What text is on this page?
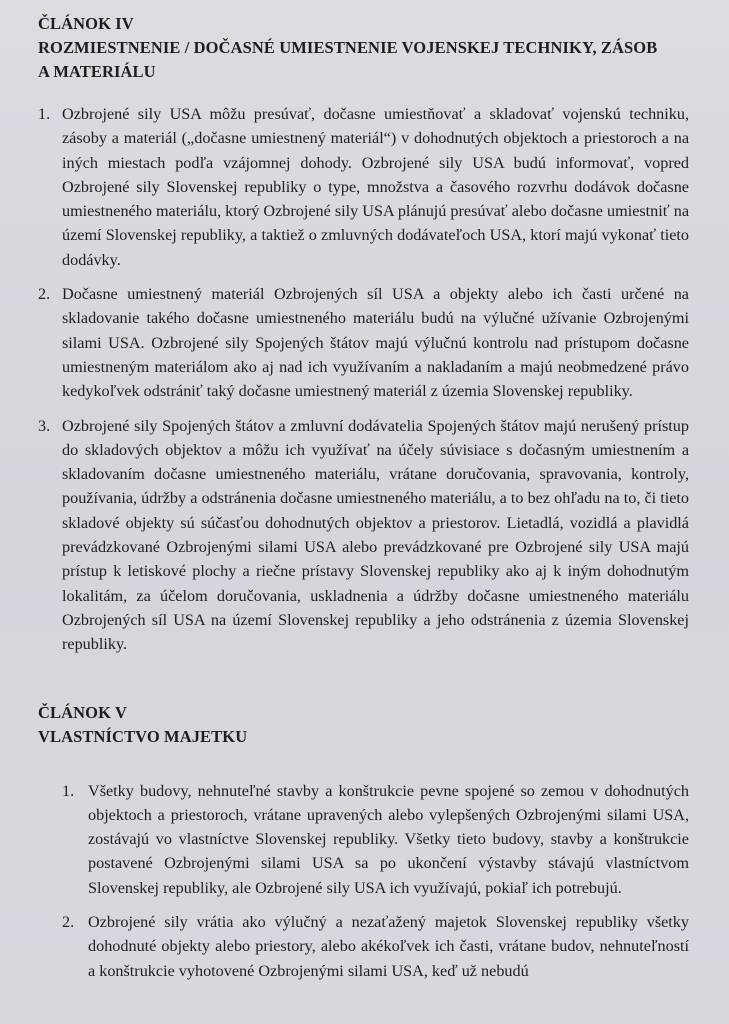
ČLÁNOK IV
ROZMIESTNENIE / DOČASNÉ UMIESTNENIE VOJENSKEJ TECHNIKY, ZÁSOB
A MATERIÁLU
1. Ozbrojené sily USA môžu presúvať, dočasne umiestňovať a skladovať vojenskú techniku, zásoby a materiál („dočasne umiestnený materiál“) v dohodnutých objektoch a priestoroch a na iných miestach podľa vzájomnej dohody. Ozbrojené sily USA budú informovať, vopred Ozbrojené sily Slovenskej republiky o type, množstva a časového rozvrhu dodávok dočasne umiestneného materiálu, ktorý Ozbrojené sily USA plánujú presúvať alebo dočasne umiestniť na území Slovenskej republiky, a taktiež o zmluvných dodávateľoch USA, ktorí majú vykonať tieto dodávky.
2. Dočasne umiestnený materiál Ozbrojených síl USA a objekty alebo ich časti určené na skladovanie takého dočasne umiestneného materiálu budú na výlučné užívanie Ozbrojenými silami USA. Ozbrojené sily Spojených štátov majú výlučnú kontrolu nad prístupom dočasne umiestneným materiálom ako aj nad ich využívaním a nakladaním a majú neobmedzené právo kedykoľvek odstrániť taký dočasne umiestnený materiál z územia Slovenskej republiky.
3. Ozbrojené sily Spojených štátov a zmluvní dodávatelia Spojených štátov majú nerušený prístup do skladových objektov a môžu ich využívať na účely súvisiace s dočasným umiestnením a skladovaním dočasne umiestneného materiálu, vrátane doručovania, spravovania, kontroly, používania, údržby a odstránenia dočasne umiestneného materiálu, a to bez ohľadu na to, či tieto skladové objekty sú súčasťou dohodnutých objektov a priestorov. Lietadlá, vozidlá a plavidlá prevádzkované Ozbrojenými silami USA alebo prevádzkované pre Ozbrojené sily USA majú prístup k letiskové plochy a riečne prístavy Slovenskej republiky ako aj k iným dohodnutým lokalitám, za účelom doručovania, uskladnenia a údržby dočasne umiestneného materiálu Ozbrojených síl USA na území Slovenskej republiky a jeho odstránenia z územia Slovenskej republiky.
ČLÁNOK V
VLASTNÍCTVO MAJETKU
1. Všetky budovy, nehnuteľné stavby a konštrukcie pevne spojené so zemou v dohodnutých objektoch a priestoroch, vrátane upravených alebo vylepšených Ozbrojenými silami USA, zostávajú vo vlastníctve Slovenskej republiky. Všetky tieto budovy, stavby a konštrukcie postavené Ozbrojenými silami USA sa po ukončení výstavby stávajú vlastníctvom Slovenskej republiky, ale Ozbrojené sily USA ich využívajú, pokiaľ ich potrebujú.
2. Ozbrojené sily vrátia ako výlučný a nezaťažený majetok Slovenskej republiky všetky dohodnuté objekty alebo priestory, alebo akékoľvek ich časti, vrátane budov, nehnuteľností a konštrukcie vyhotovené Ozbrojenými silami USA, keď už nebudú
